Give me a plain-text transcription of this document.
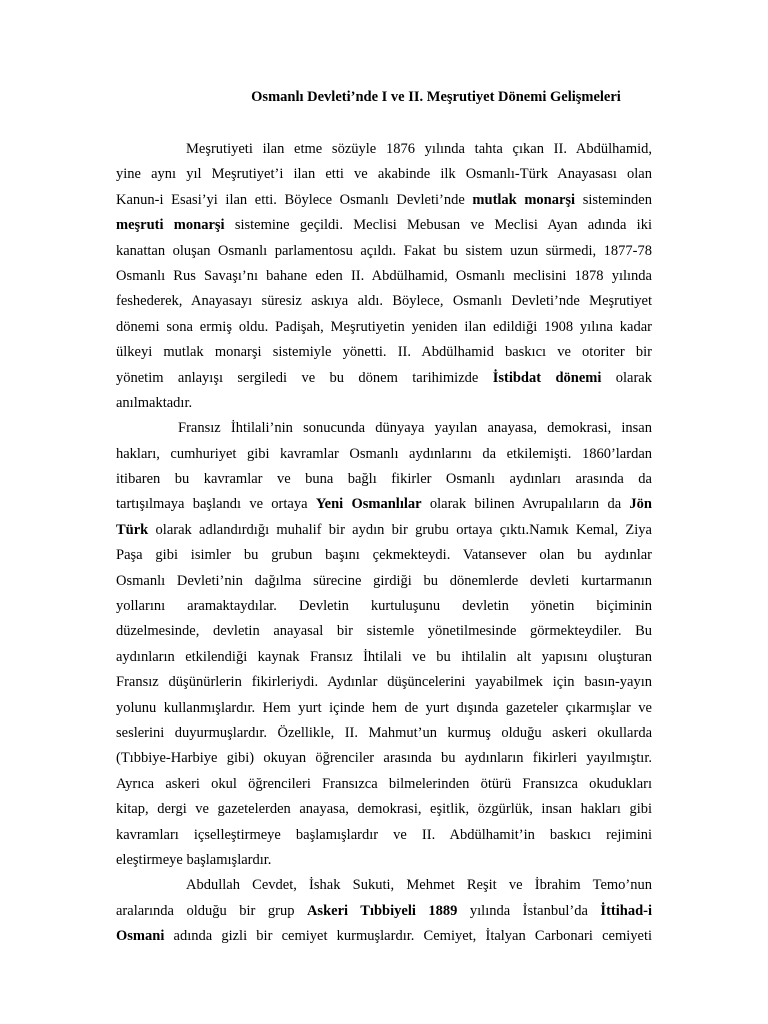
Osmanlı Devleti’nde I ve II. Meşrutiyet Dönemi Gelişmeleri
Meşrutiyeti ilan etme sözüyle 1876 yılında tahta çıkan II. Abdülhamid,
yine aynı yıl Meşrutiyet’i ilan etti ve akabinde ilk Osmanlı-Türk Anayasası olan
Kanun-i Esasi’yi ilan etti. Böylece Osmanlı Devleti’nde mutlak monarşi sisteminden
meşruti monarşi sistemine geçildi. Meclisi Mebusan ve Meclisi Ayan adında iki
kanattan oluşan Osmanlı parlamentosu açıldı. Fakat bu sistem uzun sürmedi, 1877-78
Osmanlı Rus Savaşı’nı bahane eden II. Abdülhamid, Osmanlı meclisini 1878 yılında
feshederek, Anayasayı süresiz askıya aldı. Böylece, Osmanlı Devleti’nde Meşrutiyet
dönemi sona ermiş oldu. Padişah, Meşrutiyetin yeniden ilan edildiği 1908 yılına kadar
ülkeyi mutlak monarşi sistemiyle yönetti. II. Abdülhamid baskıcı ve otoriter bir
yönetim anlayışı sergiledi ve bu dönem tarihimizde İstibdat dönemi olarak
anılmaktadır.
Fransız İhtilali’nin sonucunda dünyaya yayılan anayasa, demokrasi, insan
hakları, cumhuriyet gibi kavramlar Osmanlı aydınlarını da etkilemişti. 1860’lardan
itibaren bu kavramlar ve buna bağlı fikirler Osmanlı aydınları arasında da
tartışılmaya başlandı ve ortaya Yeni Osmanlılar olarak bilinen Avrupalıların da Jön
Türk olarak adlandırdığı muhalif bir aydın bir grubu ortaya çıktı.Namık Kemal, Ziya
Paşa gibi isimler bu grubun başını çekmekteydi. Vatansever olan bu aydınlar
Osmanlı Devleti’nin dağılma sürecine girdiği bu dönemlerde devleti kurtarmanın
yollarını aramaktaydılar. Devletin kurtuluşunu devletin yönetin biçiminin
düzelmesinde, devletin anayasal bir sistemle yönetilmesinde görmekteydiler. Bu
aydınların etkilendiği kaynak Fransız İhtilali ve bu ihtilalin alt yapısını oluşturan
Fransız düşünürlerin fikirleriydi. Aydınlar düşüncelerini yayabilmek için basın-yayın
yolunu kullanmışlardır. Hem yurt içinde hem de yurt dışında gazeteler çıkarmışlar ve
seslerini duyurmuşlardır. Özellikle, II. Mahmut’un kurmuş olduğu askeri okullarda
(Tıbbiye-Harbiye gibi) okuyan öğrenciler arasında bu aydınların fikirleri yayılmıştır.
Ayrıca askeri okul öğrencileri Fransızca bilmelerinden ötürü Fransızca okudukları
kitap, dergi ve gazetelerden anayasa, demokrasi, eşitlik, özgürlük, insan hakları gibi
kavramları içselleştirmeye başlamışlardır ve II. Abdülhamit’in baskıcı rejimini
eleştirmeye başlamışlardır.
Abdullah Cevdet, İshak Sukuti, Mehmet Reşit ve İbrahim Temo’nun
aralarında olduğu bir grup Askeri Tıbbiyeli 1889 yılında İstanbul’da İttihad-i
Osmani adında gizli bir cemiyet kurmuşlardır. Cemiyet, İtalyan Carbonari cemiyeti
